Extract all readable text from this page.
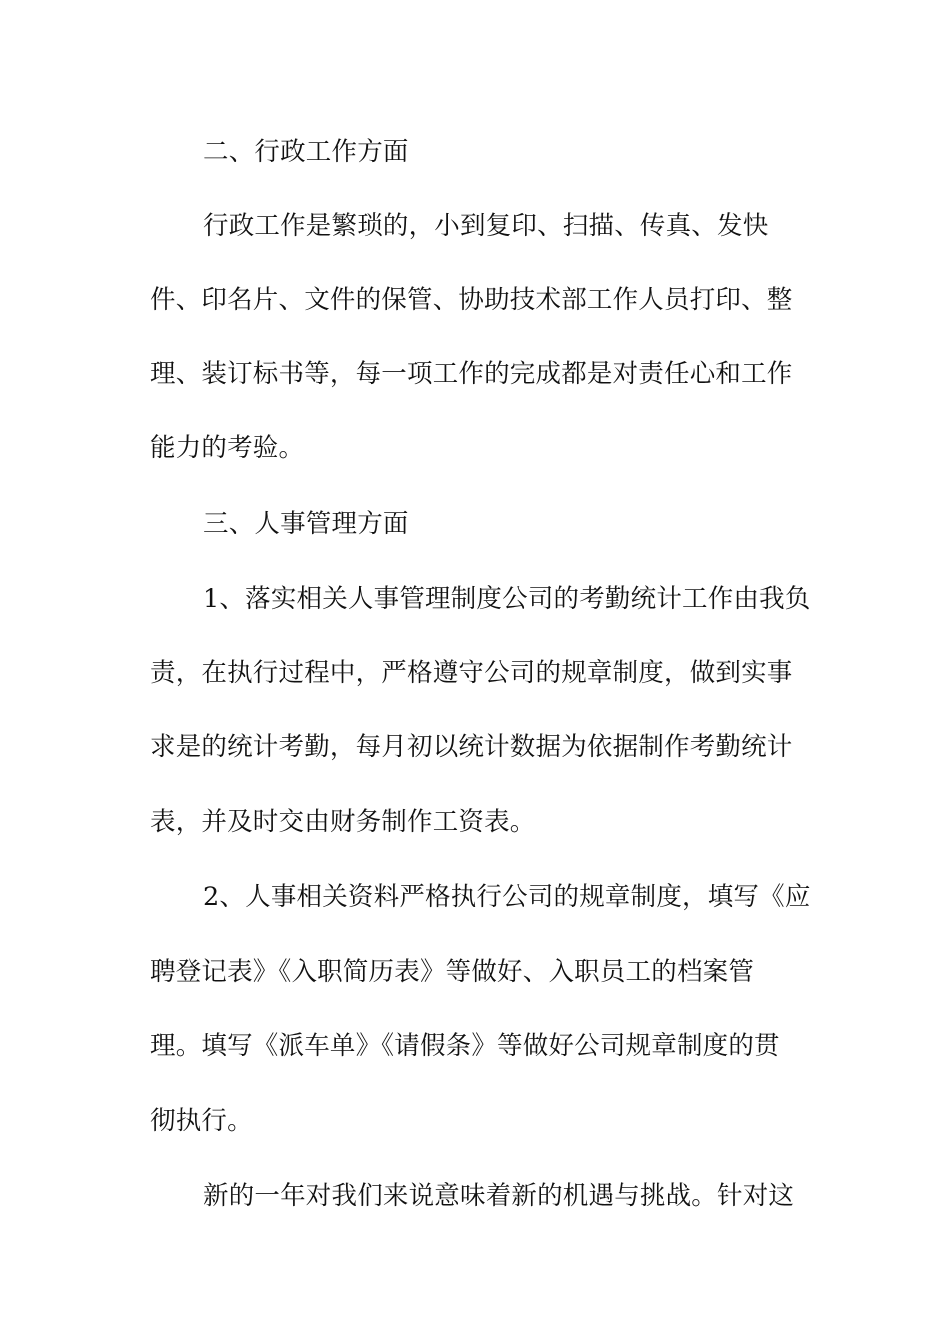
二、行政工作方面
行政工作是繁琐的，小到复印、扫描、传真、发快
件、印名片、文件的保管、协助技术部工作人员打印、整
理、装订标书等，每一项工作的完成都是对责任心和工作
能力的考验。
三、人事管理方面
1、落实相关人事管理制度公司的考勤统计工作由我负
责，在执行过程中，严格遵守公司的规章制度，做到实事
求是的统计考勤，每月初以统计数据为依据制作考勤统计
表，并及时交由财务制作工资表。
2、人事相关资料严格执行公司的规章制度，填写《应
聘登记表》《入职简历表》等做好、入职员工的档案管
理。填写《派车单》《请假条》等做好公司规章制度的贯
彻执行。
新的一年对我们来说意味着新的机遇与挑战。针对这
